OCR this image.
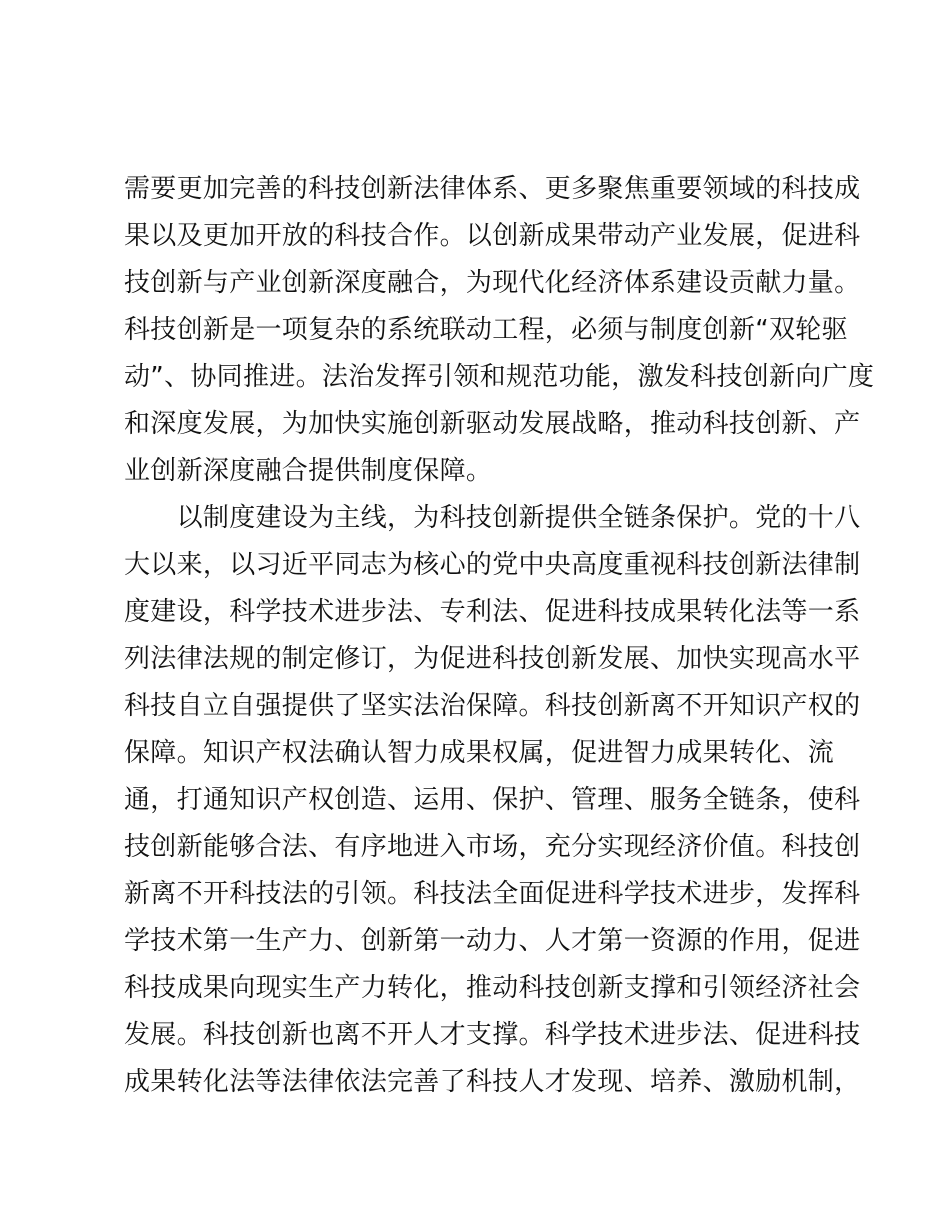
需要更加完善的科技创新法律体系、更多聚焦重要领域的科技成
果以及更加开放的科技合作。以创新成果带动产业发展，促进科
技创新与产业创新深度融合，为现代化经济体系建设贡献力量。
科技创新是一项复杂的系统联动工程，必须与制度创新“双轮驱
动”、协同推进。法治发挥引领和规范功能，激发科技创新向广度
和深度发展，为加快实施创新驱动发展战略，推动科技创新、产
业创新深度融合提供制度保障。
　　以制度建设为主线，为科技创新提供全链条保护。党的十八
大以来，以习近平同志为核心的党中央高度重视科技创新法律制
度建设，科学技术进步法、专利法、促进科技成果转化法等一系
列法律法规的制定修订，为促进科技创新发展、加快实现高水平
科技自立自强提供了坚实法治保障。科技创新离不开知识产权的
保障。知识产权法确认智力成果权属，促进智力成果转化、流
通，打通知识产权创造、运用、保护、管理、服务全链条，使科
技创新能够合法、有序地进入市场，充分实现经济价值。科技创
新离不开科技法的引领。科技法全面促进科学技术进步，发挥科
学技术第一生产力、创新第一动力、人才第一资源的作用，促进
科技成果向现实生产力转化，推动科技创新支撑和引领经济社会
发展。科技创新也离不开人才支撑。科学技术进步法、促进科技
成果转化法等法律依法完善了科技人才发现、培养、激励机制，
